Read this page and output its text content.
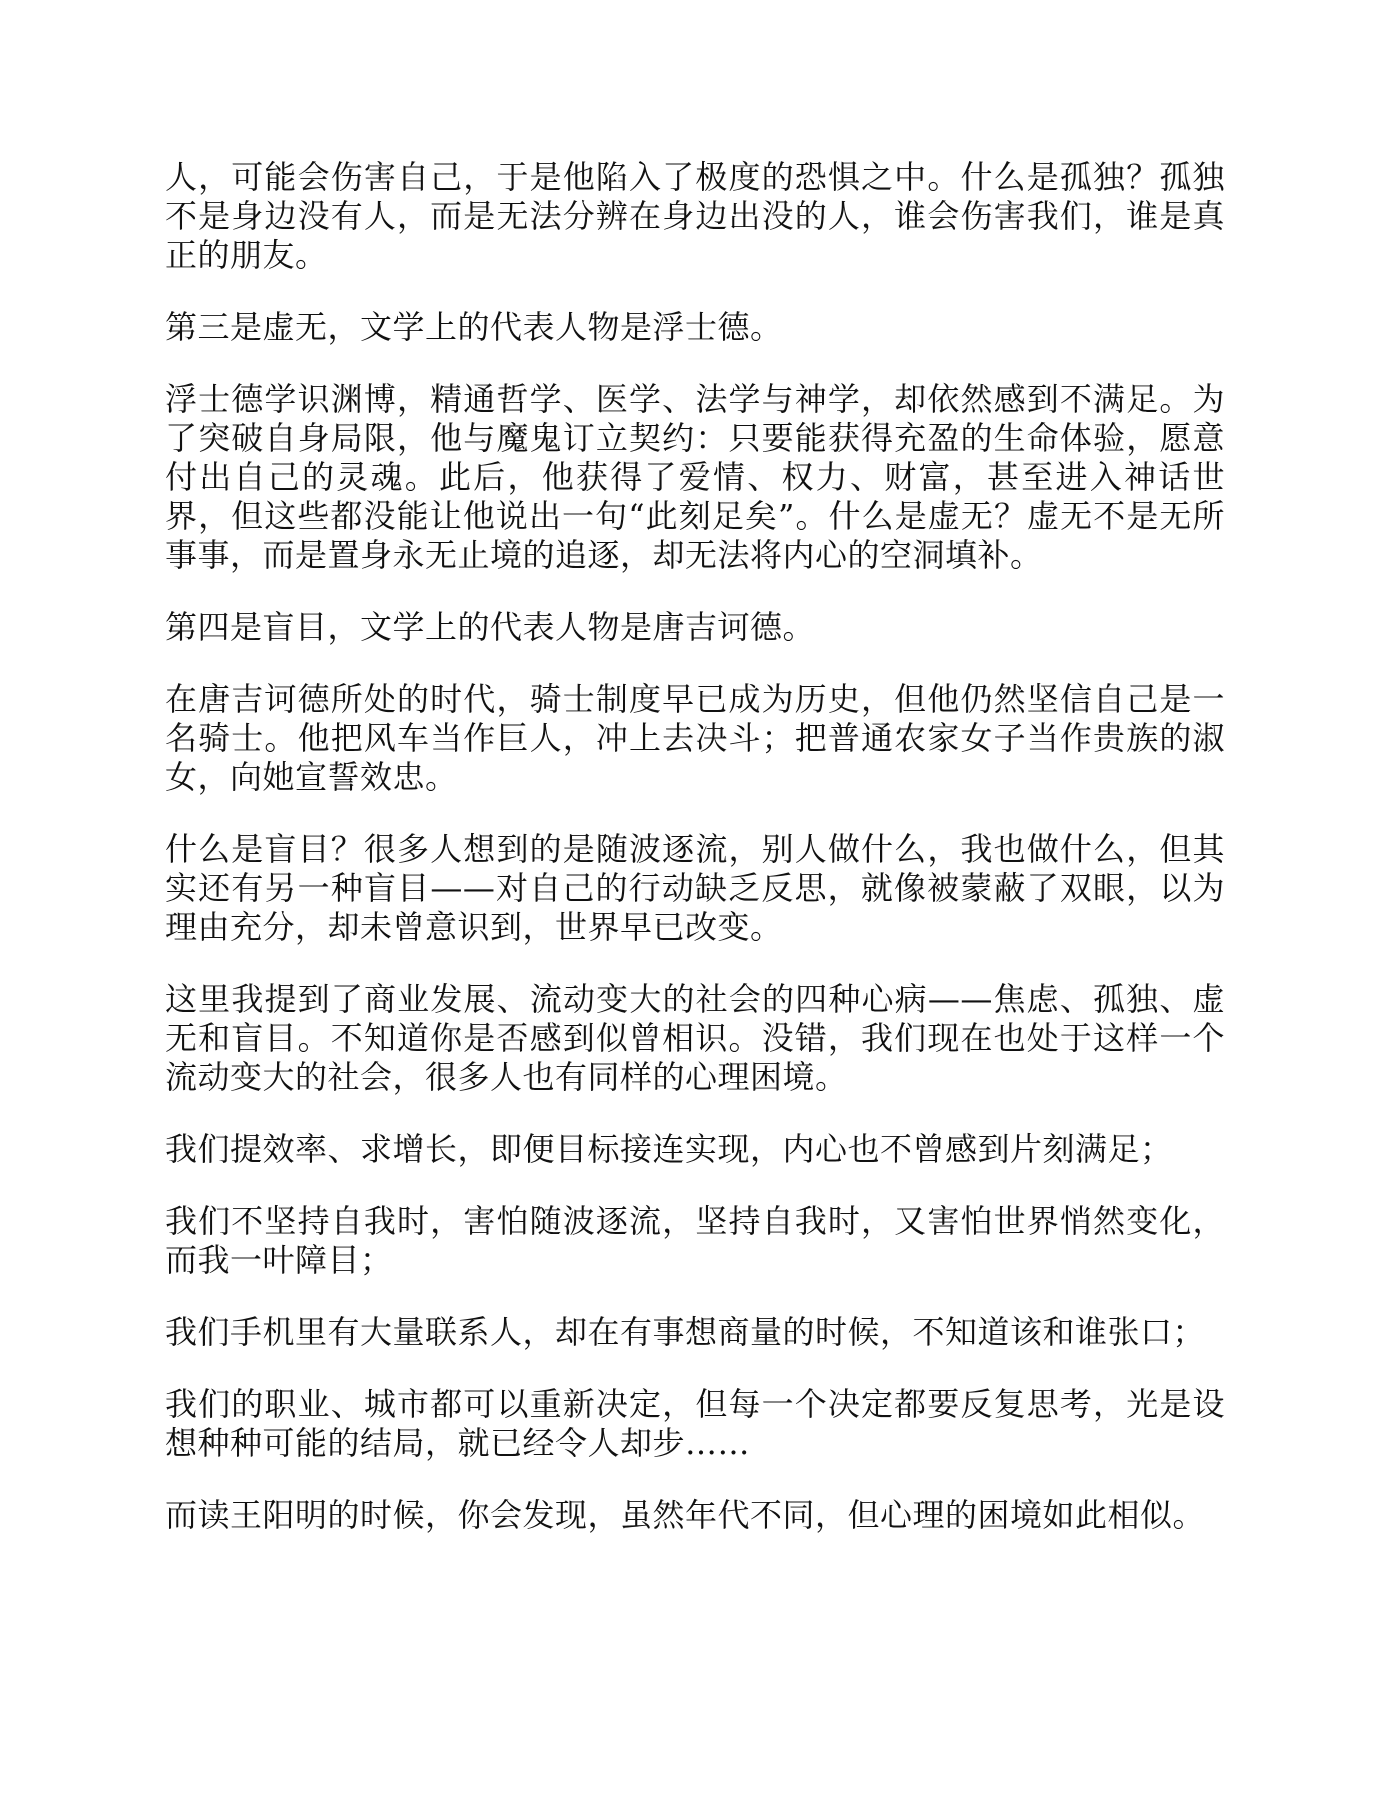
人，可能会伤害自己，于是他陷入了极度的恐惧之中。什么是孤独？孤独不是身边没有人，而是无法分辨在身边出没的人，谁会伤害我们，谁是真正的朋友。

第三是虚无，文学上的代表人物是浮士德。

浮士德学识渊博，精通哲学、医学、法学与神学，却依然感到不满足。为了突破自身局限，他与魔鬼订立契约：只要能获得充盈的生命体验，愿意付出自己的灵魂。此后，他获得了爱情、权力、财富，甚至进入神话世界，但这些都没能让他说出一句“此刻足矣”。什么是虚无？虚无不是无所事事，而是置身永无止境的追逐，却无法将内心的空洞填补。

第四是盲目，文学上的代表人物是唐吉诃德。

在唐吉诃德所处的时代，骑士制度早已成为历史，但他仍然坚信自己是一名骑士。他把风车当作巨人，冲上去决斗；把普通农家女子当作贵族的淑女，向她宣誓效忠。

什么是盲目？很多人想到的是随波逐流，别人做什么，我也做什么，但其实还有另一种盲目——对自己的行动缺乏反思，就像被蒙蔽了双眼，以为理由充分，却未曾意识到，世界早已改变。

这里我提到了商业发展、流动变大的社会的四种心病——焦虑、孤独、虚无和盲目。不知道你是否感到似曾相识。没错，我们现在也处于这样一个流动变大的社会，很多人也有同样的心理困境。

我们提效率、求增长，即便目标接连实现，内心也不曾感到片刻满足；

我们不坚持自我时，害怕随波逐流，坚持自我时，又害怕世界悄然变化，而我一叶障目；

我们手机里有大量联系人，却在有事想商量的时候，不知道该和谁张口；

我们的职业、城市都可以重新决定，但每一个决定都要反复思考，光是设想种种可能的结局，就已经令人却步……

而读王阳明的时候，你会发现，虽然年代不同，但心理的困境如此相似。
